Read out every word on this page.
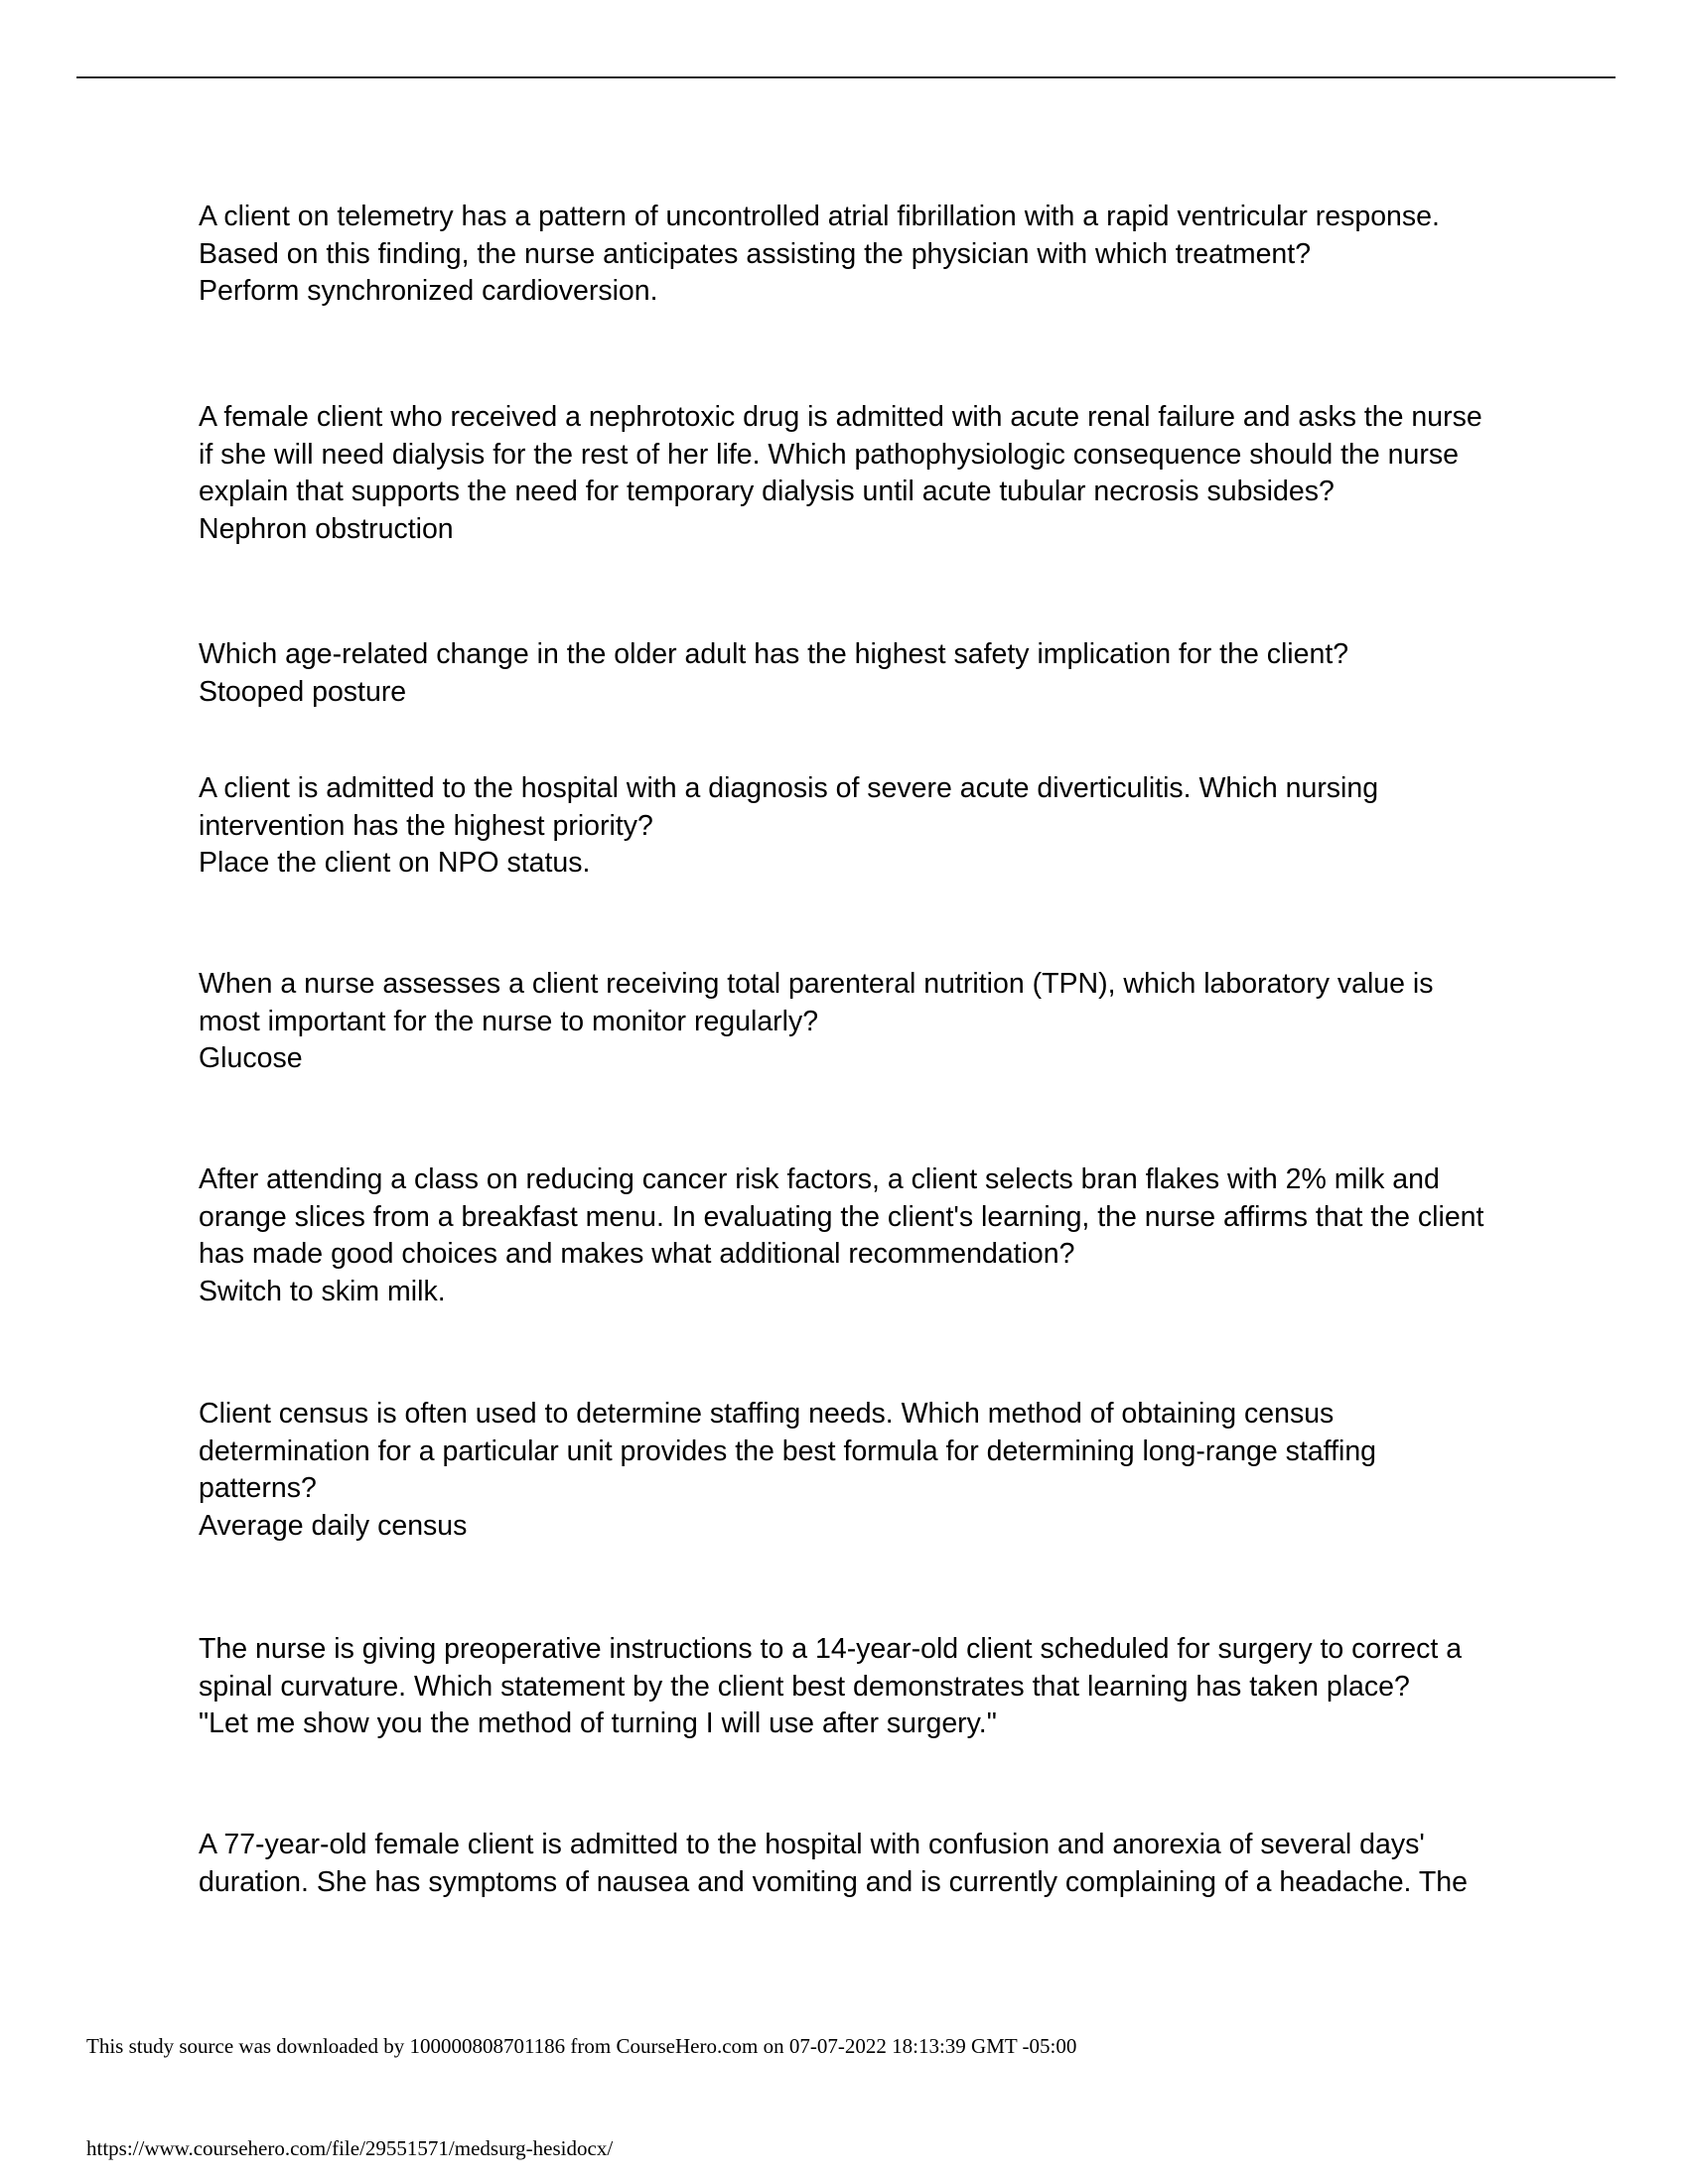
A client on telemetry has a pattern of uncontrolled atrial fibrillation with a rapid ventricular response. Based on this finding, the nurse anticipates assisting the physician with which treatment?

Perform synchronized cardioversion.

A female client who received a nephrotoxic drug is admitted with acute renal failure and asks the nurse if she will need dialysis for the rest of her life. Which pathophysiologic consequence should the nurse explain that supports the need for temporary dialysis until acute tubular necrosis subsides?

Nephron obstruction

Which age-related change in the older adult has the highest safety implication for the client?

Stooped posture

A client is admitted to the hospital with a diagnosis of severe acute diverticulitis. Which nursing intervention has the highest priority?

Place the client on NPO status.

When a nurse assesses a client receiving total parenteral nutrition (TPN), which laboratory value is most important for the nurse to monitor regularly?

Glucose

After attending a class on reducing cancer risk factors, a client selects bran flakes with 2% milk and orange slices from a breakfast menu. In evaluating the client's learning, the nurse affirms that the client has made good choices and makes what additional recommendation?

Switch to skim milk.

Client census is often used to determine staffing needs. Which method of obtaining census determination for a particular unit provides the best formula for determining long-range staffing patterns?

Average daily census

The nurse is giving preoperative instructions to a 14-year-old client scheduled for surgery to correct a spinal curvature. Which statement by the client best demonstrates that learning has taken place?

"Let me show you the method of turning I will use after surgery."

A 77-year-old female client is admitted to the hospital with confusion and anorexia of several days' duration. She has symptoms of nausea and vomiting and is currently complaining of a headache. The

This study source was downloaded by 100000808701186 from CourseHero.com on 07-07-2022 18:13:39 GMT -05:00
https://www.coursehero.com/file/29551571/medsurg-hesidocx/
